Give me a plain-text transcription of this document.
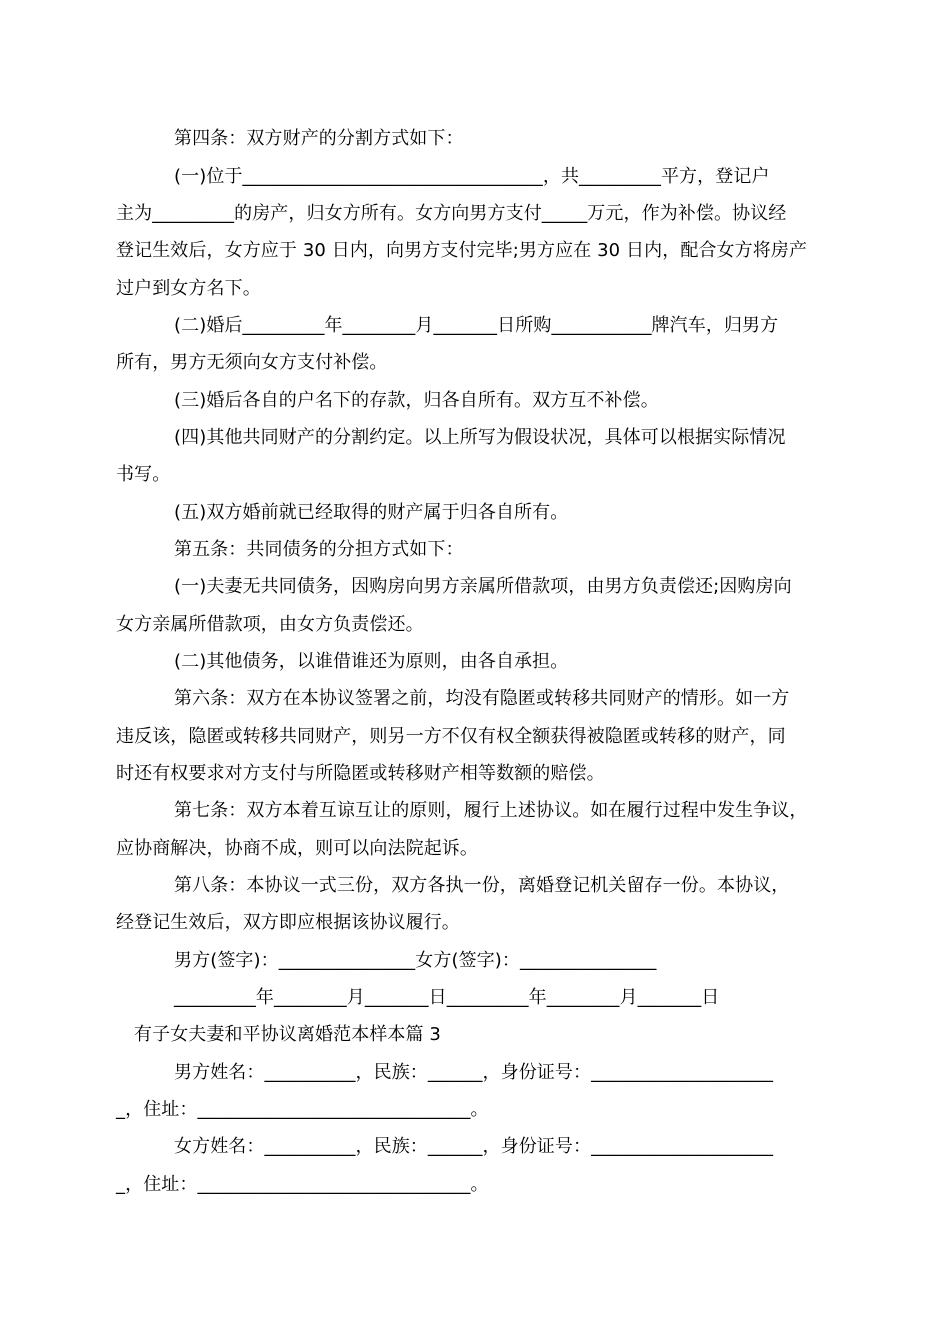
第四条：双方财产的分割方式如下：
(一)位于_________________________________，共_________平方，登记户
主为_________的房产，归女方所有。女方向男方支付_____万元，作为补偿。协议经
登记生效后，女方应于 30 日内，向男方支付完毕;男方应在 30 日内，配合女方将房产
过户到女方名下。
(二)婚后_________年________月_______日所购___________牌汽车，归男方
所有，男方无须向女方支付补偿。
(三)婚后各自的户名下的存款，归各自所有。双方互不补偿。
(四)其他共同财产的分割约定。以上所写为假设状况，具体可以根据实际情况
书写。
(五)双方婚前就已经取得的财产属于归各自所有。
第五条：共同债务的分担方式如下：
(一)夫妻无共同债务，因购房向男方亲属所借款项，由男方负责偿还;因购房向
女方亲属所借款项，由女方负责偿还。
(二)其他债务，以谁借谁还为原则，由各自承担。
第六条：双方在本协议签署之前，均没有隐匿或转移共同财产的情形。如一方
违反该，隐匿或转移共同财产，则另一方不仅有权全额获得被隐匿或转移的财产，同
时还有权要求对方支付与所隐匿或转移财产相等数额的赔偿。
第七条：双方本着互谅互让的原则，履行上述协议。如在履行过程中发生争议，
应协商解决，协商不成，则可以向法院起诉。
第八条：本协议一式三份，双方各执一份，离婚登记机关留存一份。本协议，
经登记生效后，双方即应根据该协议履行。
男方(签字)：_______________女方(签字)：_______________
_________年________月_______日_________年________月_______日
有子女夫妻和平协议离婚范本样本篇 3
男方姓名：__________，民族：______，身份证号：____________________
_，住址：______________________________。
女方姓名：__________，民族：______，身份证号：____________________
_，住址：______________________________。
